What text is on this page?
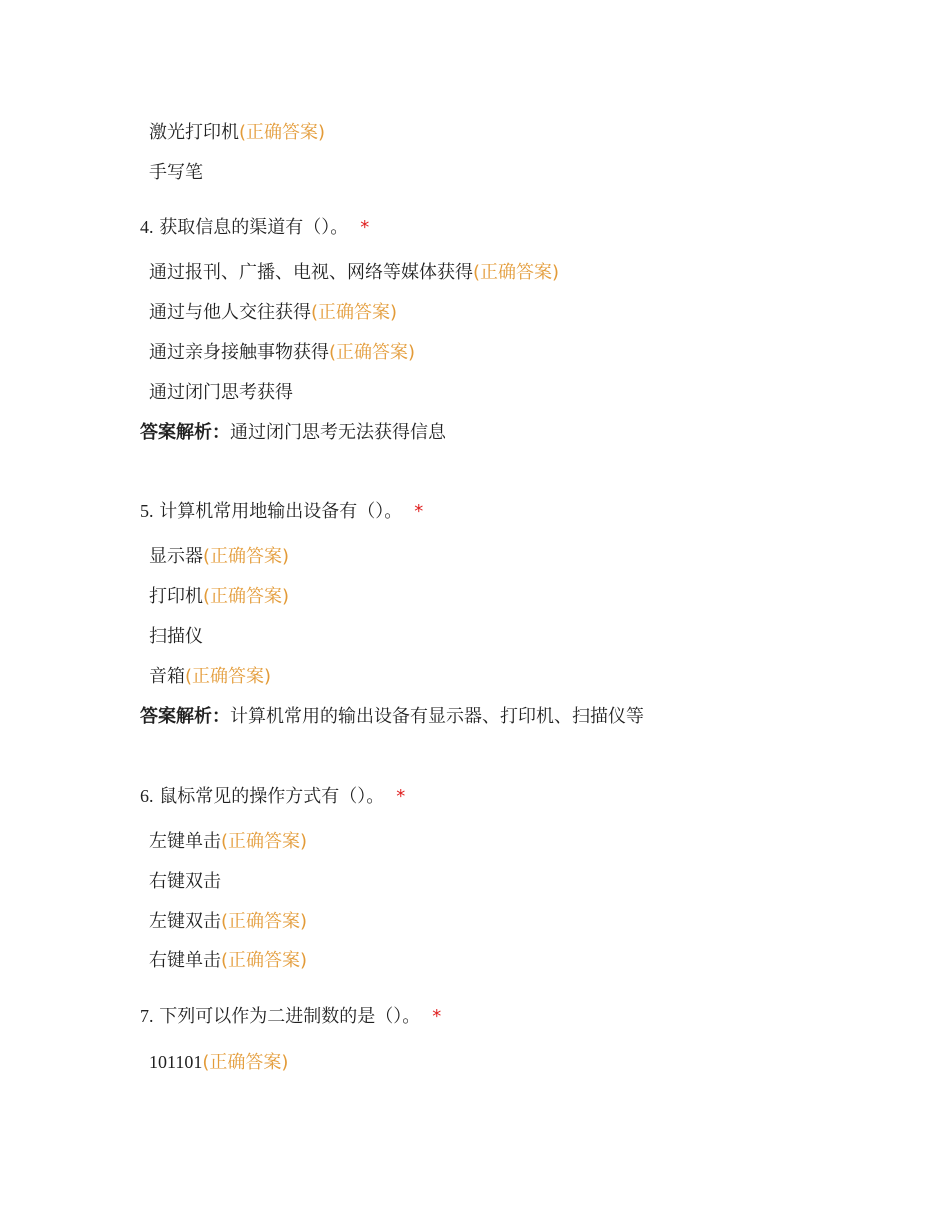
激光打印机(正确答案)
手写笔
4. 获取信息的渠道有（）。 *
通过报刊、广播、电视、网络等媒体获得(正确答案)
通过与他人交往获得(正确答案)
通过亲身接触事物获得(正确答案)
通过闭门思考获得
答案解析：通过闭门思考无法获得信息
5. 计算机常用地输出设备有（）。 *
显示器(正确答案)
打印机(正确答案)
扫描仪
音箱(正确答案)
答案解析：计算机常用的输出设备有显示器、打印机、扫描仪等
6. 鼠标常见的操作方式有（）。 *
左键单击(正确答案)
右键双击
左键双击(正确答案)
右键单击(正确答案)
7. 下列可以作为二进制数的是（）。 *
101101(正确答案)
